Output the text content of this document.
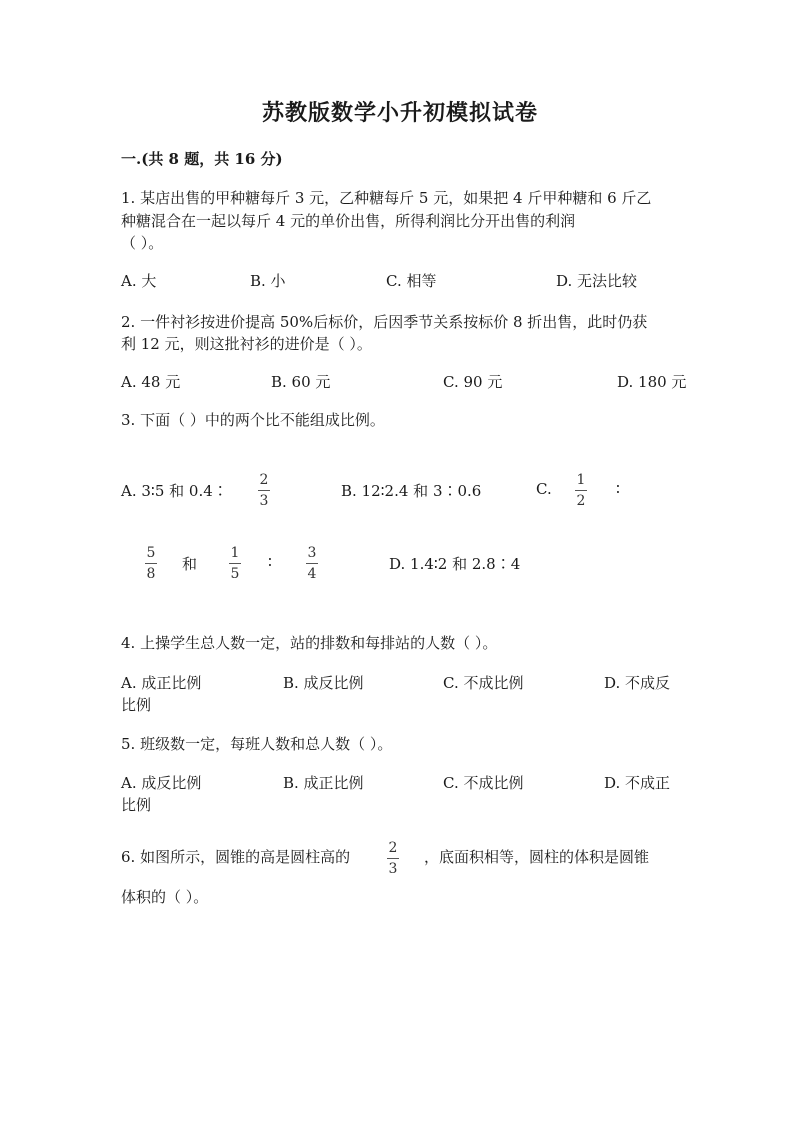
苏教版数学小升初模拟试卷
一.(共 8 题，共 16 分)
1. 某店出售的甲种糖每斤 3 元，乙种糖每斤 5 元，如果把 4 斤甲种糖和 6 斤乙
种糖混合在一起以每斤 4 元的单价出售，所得利润比分开出售的利润
（ ）。
A. 大	B. 小	C. 相等	D. 无法比较
2. 一件衬衫按进价提高 50%后标价，后因季节关系按标价 8 折出售，此时仍获
利 12 元，则这批衬衫的进价是（ ）。
A. 48 元	B. 60 元	C. 90 元	D. 180 元
3. 下面（ ）中的两个比不能组成比例。
A. 3∶5 和 0.4∶
2
3
B. 12∶2.4 和 3∶0.6	C. 1
2
∶
5
8
和
1
5
∶	3
4
D. 1.4∶2 和 2.8∶4
4. 上操学生总人数一定，站的排数和每排站的人数（ ）。
A. 成正比例	B. 成反比例	C. 不成比例	D. 不成反
比例
5. 班级数一定，每班人数和总人数（ ）。
A. 成反比例	B. 成正比例	C. 不成比例	D. 不成正
比例
6. 如图所示，圆锥的高是圆柱高的	2
3
，底面积相等，圆柱的体积是圆锥
体积的（ ）。
